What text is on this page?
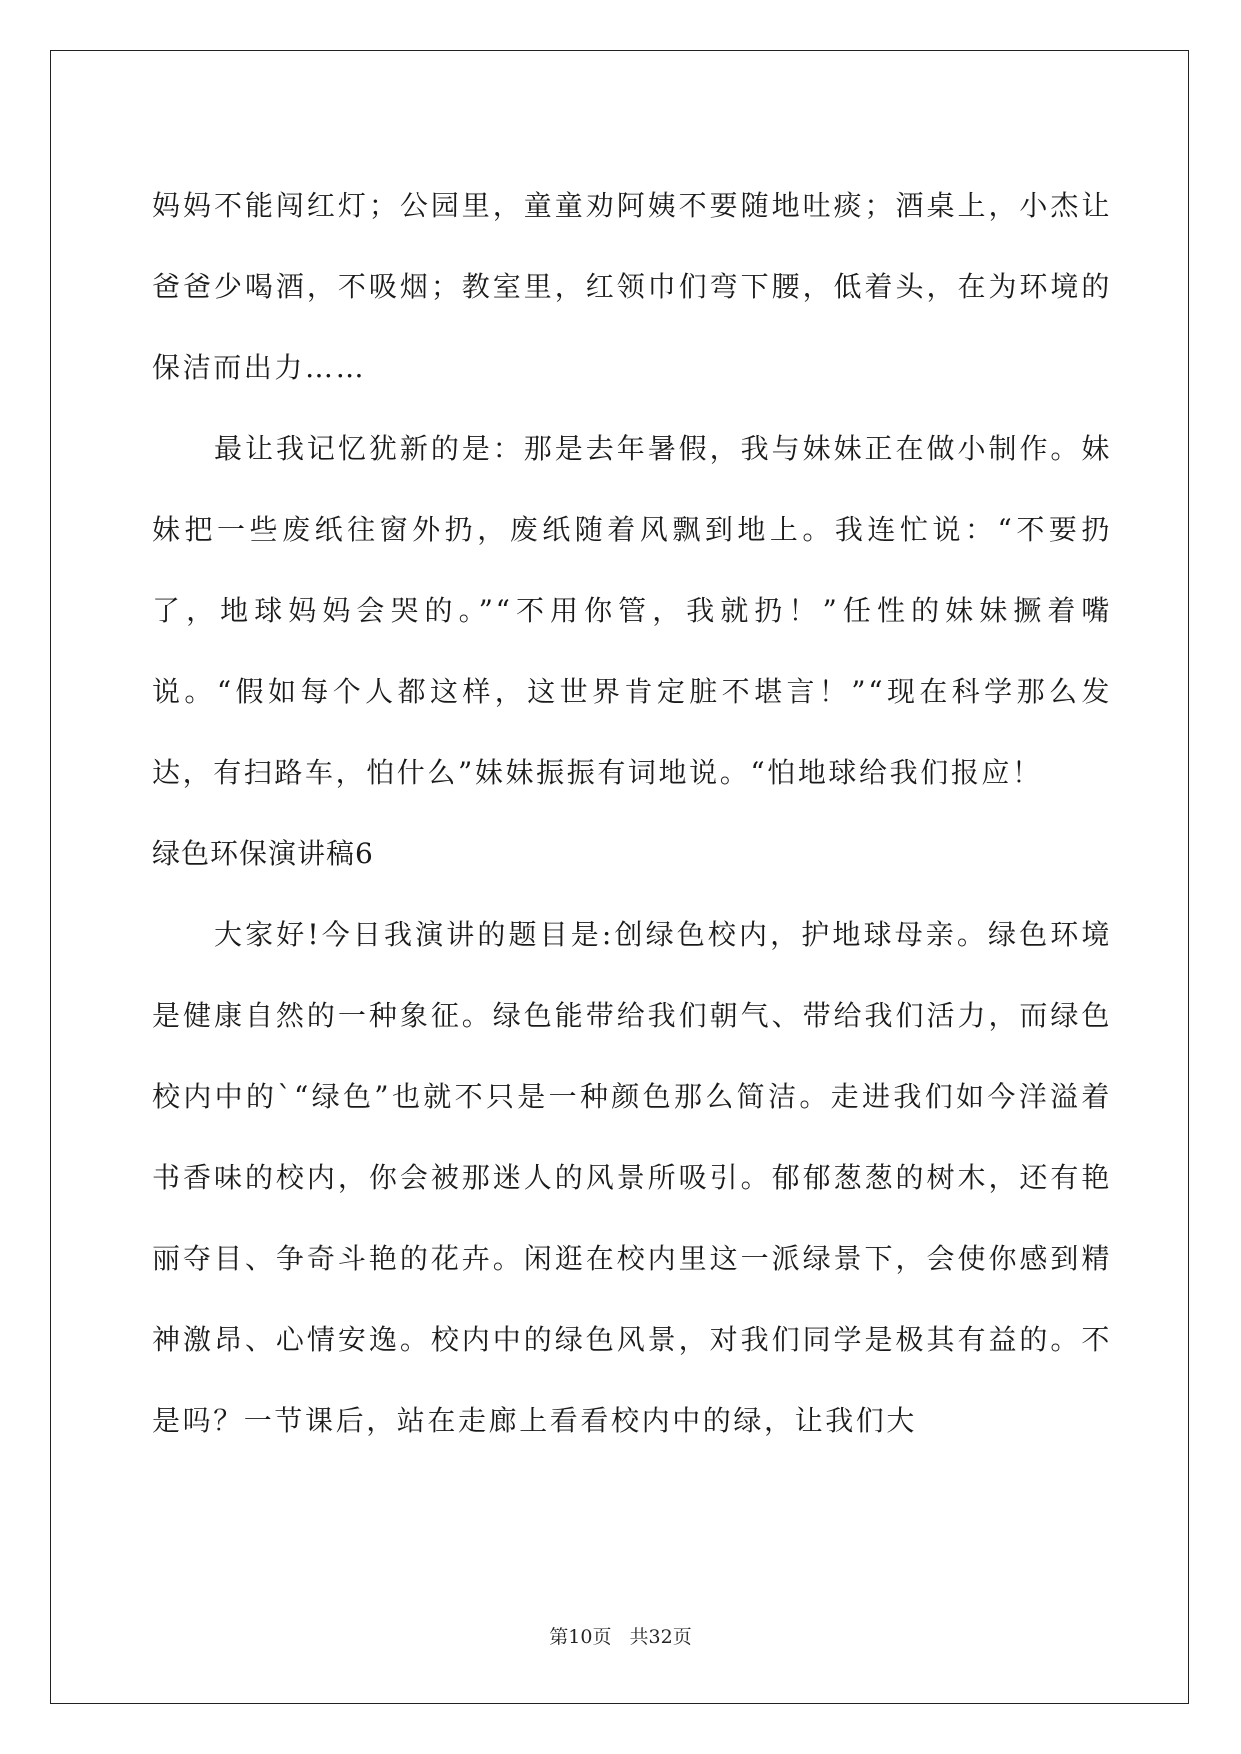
妈妈不能闯红灯；公园里，童童劝阿姨不要随地吐痰；酒桌上，小杰让爸爸少喝酒，不吸烟；教室里，红领巾们弯下腰，低着头，在为环境的保洁而出力……

最让我记忆犹新的是：那是去年暑假，我与妹妹正在做小制作。妹妹把一些废纸往窗外扔，废纸随着风飘到地上。我连忙说：“不要扔了，地球妈妈会哭的。”“不用你管，我就扔！”任性的妹妹撅着嘴说。“假如每个人都这样，这世界肯定脏不堪言！”“现在科学那么发达，有扫路车，怕什么”妹妹振振有词地说。“怕地球给我们报应！

绿色环保演讲稿6

大家好!今日我演讲的题目是:创绿色校内，护地球母亲。绿色环境是健康自然的一种象征。绿色能带给我们朝气、带给我们活力，而绿色校内中的`“绿色”也就不只是一种颜色那么简洁。走进我们如今洋溢着书香味的校内，你会被那迷人的风景所吸引。郁郁葱葱的树木，还有艳丽夺目、争奇斗艳的花卉。闲逛在校内里这一派绿景下，会使你感到精神激昂、心情安逸。校内中的绿色风景，对我们同学是极其有益的。不是吗？一节课后，站在走廊上看看校内中的绿，让我们大

第10页 共32页
